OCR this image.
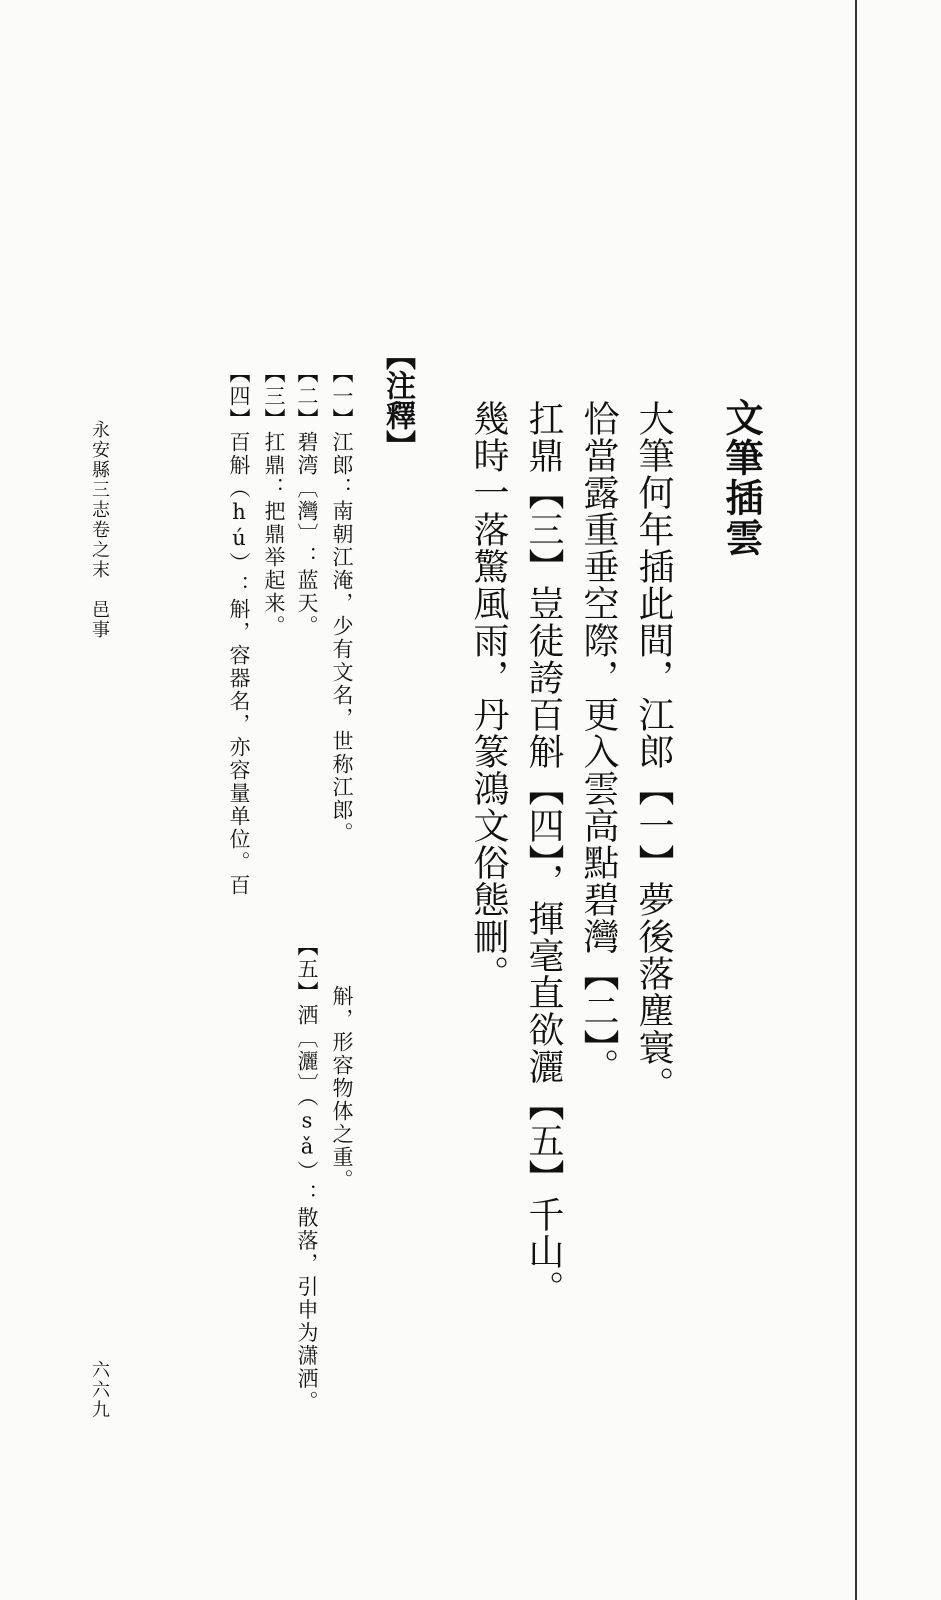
文筆插雲
大筆何年插此間，江郎【一】夢後落塵寰。
恰當露重垂空際，更入雲高點碧灣【二】。
扛鼎【三】豈徒誇百斛【四】，揮毫直欲灑【五】千山。
幾時一落驚風雨，丹篆鴻文俗態刪。
【注釋】
【一】江郎：南朝江淹，少有文名，世称江郎。
【二】碧湾〔灣〕：蓝天。
【三】扛鼎：把鼎举起来。
【四】百斛（hú）：斛，容器名，亦容量单位。百
斛，形容物体之重。
【五】洒〔灑〕（sǎ）：散落，引申为潇洒。
永安縣三志卷之末　邑事
六六九
